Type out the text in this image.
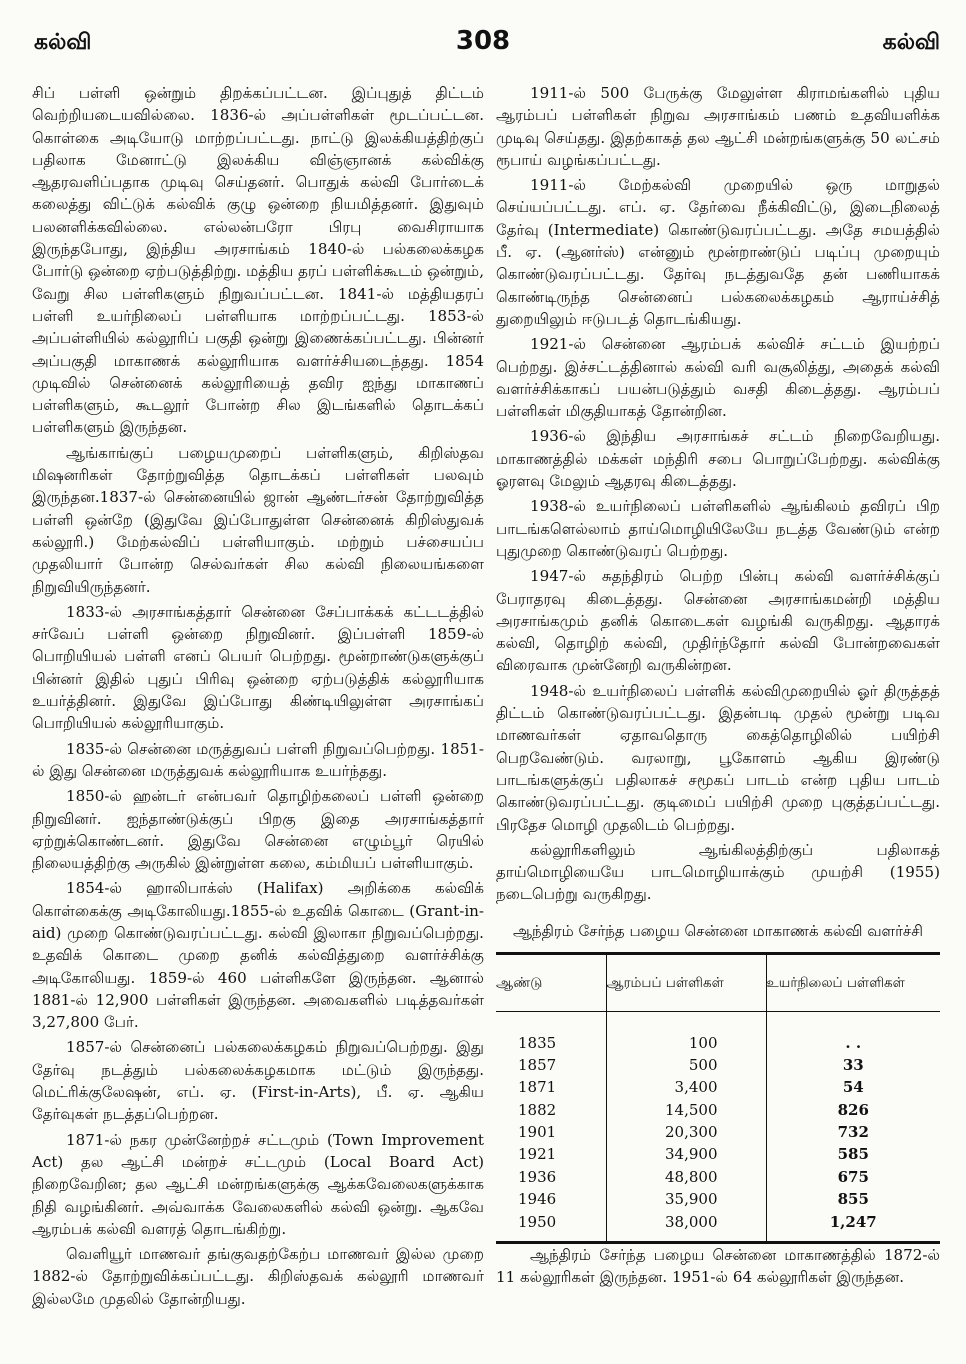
கல்வி	308	கல்வி

சிப் பள்ளி ஒன்றும் திறக்கப்பட்டன. இப்புதுத் திட்டம் வெற்றியடையவில்லை. 1836-ல் அப்பள்ளிகள் மூடப்பட்டன. கொள்கை அடியோடு மாற்றப்பட்டது. நாட்டு இலக்கியத்திற்குப் பதிலாக மேனாட்டு இலக்கிய விஞ்ஞானக் கல்விக்கு ஆதரவளிப்பதாக முடிவு செய்தனர். பொதுக் கல்வி போர்டைக் கலைத்து விட்டுக் கல்விக் குழு ஒன்றை நியமித்தனர். இதுவும் பலனளிக்கவில்லை. எல்லன்பரோ பிரபு வைசிராயாக இருந்தபோது, இந்திய அரசாங்கம் 1840-ல் பல்கலைக்கழக போர்டு ஒன்றை ஏற்படுத்திற்று. மத்திய தரப் பள்ளிக்கூடம் ஒன்றும், வேறு சில பள்ளிகளும் நிறுவப்பட்டன. 1841-ல் மத்தியதரப் பள்ளி உயர்நிலைப் பள்ளியாக மாற்றப்பட்டது. 1853-ல் அப்பள்ளியில் கல்லூரிப் பகுதி ஒன்று இணைக்கப்பட்டது. பின்னர் அப்பகுதி மாகாணக் கல்லூரியாக வளர்ச்சியடைந்தது. 1854 முடிவில் சென்னைக் கல்லூரியைத் தவிர ஐந்து மாகாணப் பள்ளிகளும், கூடலூர் போன்ற சில இடங்களில் தொடக்கப் பள்ளிகளும் இருந்தன.

ஆங்காங்குப் பழையமுறைப் பள்ளிகளும், கிறிஸ்தவ மிஷனரிகள் தோற்றுவித்த தொடக்கப் பள்ளிகள் பலவும் இருந்தன.1837-ல் சென்னையில் ஜான் ஆண்டர்சன் தோற்றுவித்த பள்ளி ஒன்றே (இதுவே இப்போதுள்ள சென்னைக் கிறிஸ்துவக் கல்லூரி.) மேற்கல்விப் பள்ளியாகும். மற்றும் பச்சையப்ப முதலியார் போன்ற செல்வர்கள் சில கல்வி நிலையங்களை நிறுவியிருந்தனர்.

1833-ல் அரசாங்கத்தார் சென்னை சேப்பாக்கக் கட்டடத்தில் சர்வேப் பள்ளி ஒன்றை நிறுவினர். இப்பள்ளி 1859-ல் பொறியியல் பள்ளி எனப் பெயர் பெற்றது. மூன்றாண்டுகளுக்குப் பின்னர் இதில் புதுப் பிரிவு ஒன்றை ஏற்படுத்திக் கல்லூரியாக உயர்த்தினர். இதுவே இப்போது கிண்டியிலுள்ள அரசாங்கப் பொறியியல் கல்லூரியாகும்.

1835-ல் சென்னை மருத்துவப் பள்ளி நிறுவப்பெற்றது. 1851-ல் இது சென்னை மருத்துவக் கல்லூரியாக உயர்ந்தது.

1850-ல் ஹன்டர் என்பவர் தொழிற்கலைப் பள்ளி ஒன்றை நிறுவினர். ஐந்தாண்டுக்குப் பிறகு இதை அரசாங்கத்தார் ஏற்றுக்கொண்டனர். இதுவே சென்னை எழும்பூர் ரெயில் நிலையத்திற்கு அருகில் இன்றுள்ள கலை, கம்மியப் பள்ளியாகும்.

1854-ல் ஹாலிபாக்ஸ் (Halifax) அறிக்கை கல்விக் கொள்கைக்கு அடிகோலியது.1855-ல் உதவிக் கொடை (Grant-in-aid) முறை கொண்டுவரப்பட்டது. கல்வி இலாகா நிறுவப்பெற்றது. உதவிக் கொடை முறை தனிக் கல்வித்துறை வளர்ச்சிக்கு அடிகோலியது. 1859-ல் 460 பள்ளிகளே இருந்தன. ஆனால் 1881-ல் 12,900 பள்ளிகள் இருந்தன. அவைகளில் படித்தவர்கள் 3,27,800 பேர்.

1857-ல் சென்னைப் பல்கலைக்கழகம் நிறுவப்பெற்றது. இது தேர்வு நடத்தும் பல்கலைக்கழகமாக மட்டும் இருந்தது. மெட்ரிக்குலேஷன், எப். ஏ. (First-in-Arts), பீ. ஏ. ஆகிய தேர்வுகள் நடத்தப்பெற்றன.

1871-ல் நகர முன்னேற்றச் சட்டமும் (Town Improvement Act) தல ஆட்சி மன்றச் சட்டமும் (Local Board Act) நிறைவேறின; தல ஆட்சி மன்றங்களுக்கு ஆக்கவேலைகளுக்காக நிதி வழங்கினர். அவ்வாக்க வேலைகளில் கல்வி ஒன்று. ஆகவே ஆரம்பக் கல்வி வளரத் தொடங்கிற்று.

வெளியூர் மாணவர் தங்குவதற்கேற்ப மாணவர் இல்ல முறை 1882-ல் தோற்றுவிக்கப்பட்டது. கிறிஸ்தவக் கல்லூரி மாணவர் இல்லமே முதலில் தோன்றியது.

1911-ல் 500 பேருக்கு மேலுள்ள கிராமங்களில் புதிய ஆரம்பப் பள்ளிகள் நிறுவ அரசாங்கம் பணம் உதவியளிக்க முடிவு செய்தது. இதற்காகத் தல ஆட்சி மன்றங்களுக்கு 50 லட்சம் ரூபாய் வழங்கப்பட்டது.

1911-ல் மேற்கல்வி முறையில் ஒரு மாறுதல் செய்யப்பட்டது. எப். ஏ. தேர்வை நீக்கிவிட்டு, இடைநிலைத் தேர்வு (Intermediate) கொண்டுவரப்பட்டது. அதே சமயத்தில் பீ. ஏ. (ஆனர்ஸ்) என்னும் மூன்றாண்டுப் படிப்பு முறையும் கொண்டுவரப்பட்டது. தேர்வு நடத்துவதே தன் பணியாகக் கொண்டிருந்த சென்னைப் பல்கலைக்கழகம் ஆராய்ச்சித் துறையிலும் ஈடுபடத் தொடங்கியது.

1921-ல் சென்னை ஆரம்பக் கல்விச் சட்டம் இயற்றப் பெற்றது. இச்சட்டத்தினால் கல்வி வரி வசூலித்து, அதைக் கல்வி வளர்ச்சிக்காகப் பயன்படுத்தும் வசதி கிடைத்தது. ஆரம்பப் பள்ளிகள் மிகுதியாகத் தோன்றின.

1936-ல் இந்திய அரசாங்கச் சட்டம் நிறைவேறியது. மாகாணத்தில் மக்கள் மந்திரி சபை பொறுப்பேற்றது. கல்விக்கு ஓரளவு மேலும் ஆதரவு கிடைத்தது.

1938-ல் உயர்நிலைப் பள்ளிகளில் ஆங்கிலம் தவிரப் பிற பாடங்களெல்லாம் தாய்மொழியிலேயே நடத்த வேண்டும் என்ற புதுமுறை கொண்டுவரப் பெற்றது.

1947-ல் சுதந்திரம் பெற்ற பின்பு கல்வி வளர்ச்சிக்குப் பேராதரவு கிடைத்தது. சென்னை அரசாங்கமன்றி மத்திய அரசாங்கமும் தனிக் கொடைகள் வழங்கி வருகிறது. ஆதாரக் கல்வி, தொழிற் கல்வி, முதிர்ந்தோர் கல்வி போன்றவைகள் விரைவாக முன்னேறி வருகின்றன.

1948-ல் உயர்நிலைப் பள்ளிக் கல்விமுறையில் ஓர் திருத்தத் திட்டம் கொண்டுவரப்பட்டது. இதன்படி முதல் மூன்று படிவ மாணவர்கள் ஏதாவதொரு கைத்தொழிலில் பயிற்சி பெறவேண்டும். வரலாறு, பூகோளம் ஆகிய இரண்டு பாடங்களுக்குப் பதிலாகச் சமூகப் பாடம் என்ற புதிய பாடம் கொண்டுவரப்பட்டது. குடிமைப் பயிற்சி முறை புகுத்தப்பட்டது. பிரதேச மொழி முதலிடம் பெற்றது.

கல்லூரிகளிலும் ஆங்கிலத்திற்குப் பதிலாகத் தாய்மொழியையே பாடமொழியாக்கும் முயற்சி (1955) நடைபெற்று வருகிறது.

ஆந்திரம் சேர்ந்த பழைய சென்னை மாகாணக் கல்வி வளர்ச்சி
ஆண்டு	ஆரம்பப் பள்ளிகள்	உயர்நிலைப் பள்ளிகள்
1835	100	. .
1857	500	33
1871	3,400	54
1882	14,500	826
1901	20,300	732
1921	34,900	585
1936	48,800	675
1946	35,900	855
1950	38,000	1,247

ஆந்திரம் சேர்ந்த பழைய சென்னை மாகாணத்தில் 1872-ல் 11 கல்லூரிகள் இருந்தன. 1951-ல் 64 கல்லூரிகள் இருந்தன.
